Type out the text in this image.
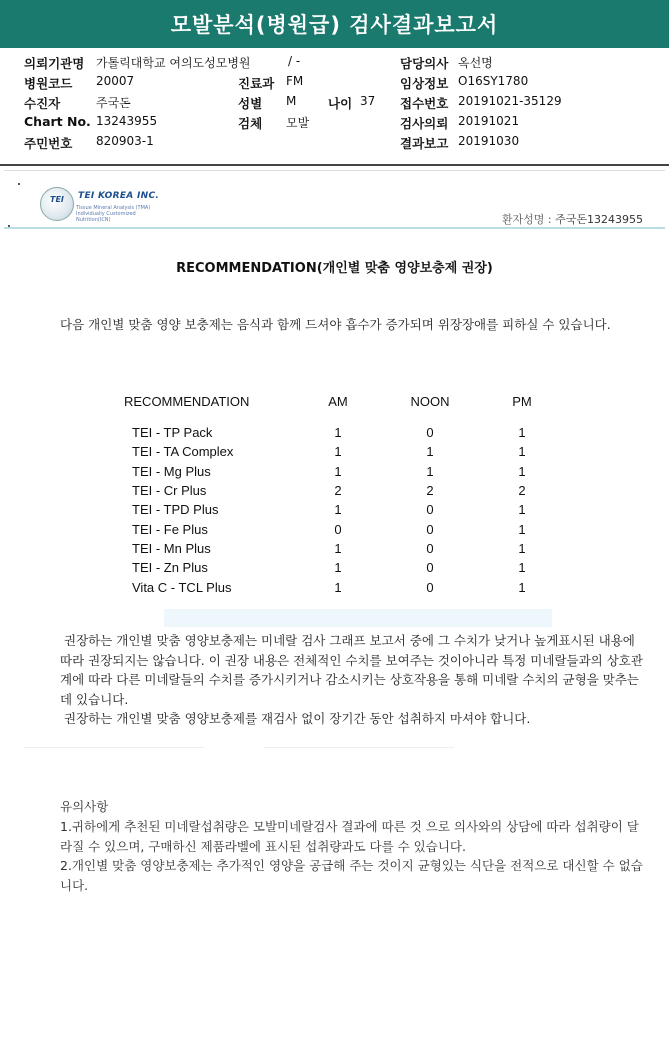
모발분석(병원급) 검사결과보고서
의뢰기관명 가톨릭대학교 여의도성모병원	/ -	담당의사 옥선명
병원코드 20007	진료과 FM	임상정보 O16SY1780
수진자	주국돈	성별 M	나이 37 접수번호 20191021-35129
Chart No. 13243955	검체 모발	검사의뢰 20191021
주민번호 820903-1	결과보고 20191030
TEI TEI KOREA INC.
Tissue Mineral Analysis (TMA) Individually Customized Nutrition(ICN)	환자성명 : 주국돈13243955
RECOMMENDATION(개인별 맞춤 영양보충제 권장)

다음 개인별 맞춤 영양 보충제는 음식과 함께 드셔야 흡수가 증가되며 위장장애를 피하실 수 있습니다.

RECOMMENDATION	AM	NOON	PM
TEI - TP Pack	1	0	1
TEI - TA Complex	1	1	1
TEI - Mg Plus	1	1	1
TEI - Cr Plus	2	2	2
TEI - TPD Plus	1	0	1
TEI - Fe Plus	0	0	1
TEI - Mn Plus	1	0	1
TEI - Zn Plus	1	0	1
Vita C - TCL Plus	1	0	1

권장하는 개인별 맞춤 영양보충제는 미네랄 검사 그래프 보고서 중에 그 수치가 낮거나 높게표시된 내용에 따라 권장되지는 않습니다. 이 권장 내용은 전체적인 수치를 보여주는 것이아니라 특정 미네랄들과의 상호관계에 따라 다른 미네랄들의 수치를 증가시키거나 감소시키는 상호작용을 통해 미네랄 수치의 균형을 맞추는데 있습니다.

권장하는 개인별 맞춤 영양보충제를 재검사 없이 장기간 동안 섭취하지 마셔야 합니다.

유의사항

1.귀하에게 추천된 미네랄섭취량은 모발미네랄검사 결과에 따른 것 으로 의사와의 상담에 따라 섭취량이 달라질 수 있으며, 구매하신 제품라벨에 표시된 섭취량과도 다를 수 있습니다.

2.개인별 맞춤 영양보충제는 추가적인 영양을 공급해 주는 것이지 균형있는 식단을 전적으로 대신할 수 없습니다.
